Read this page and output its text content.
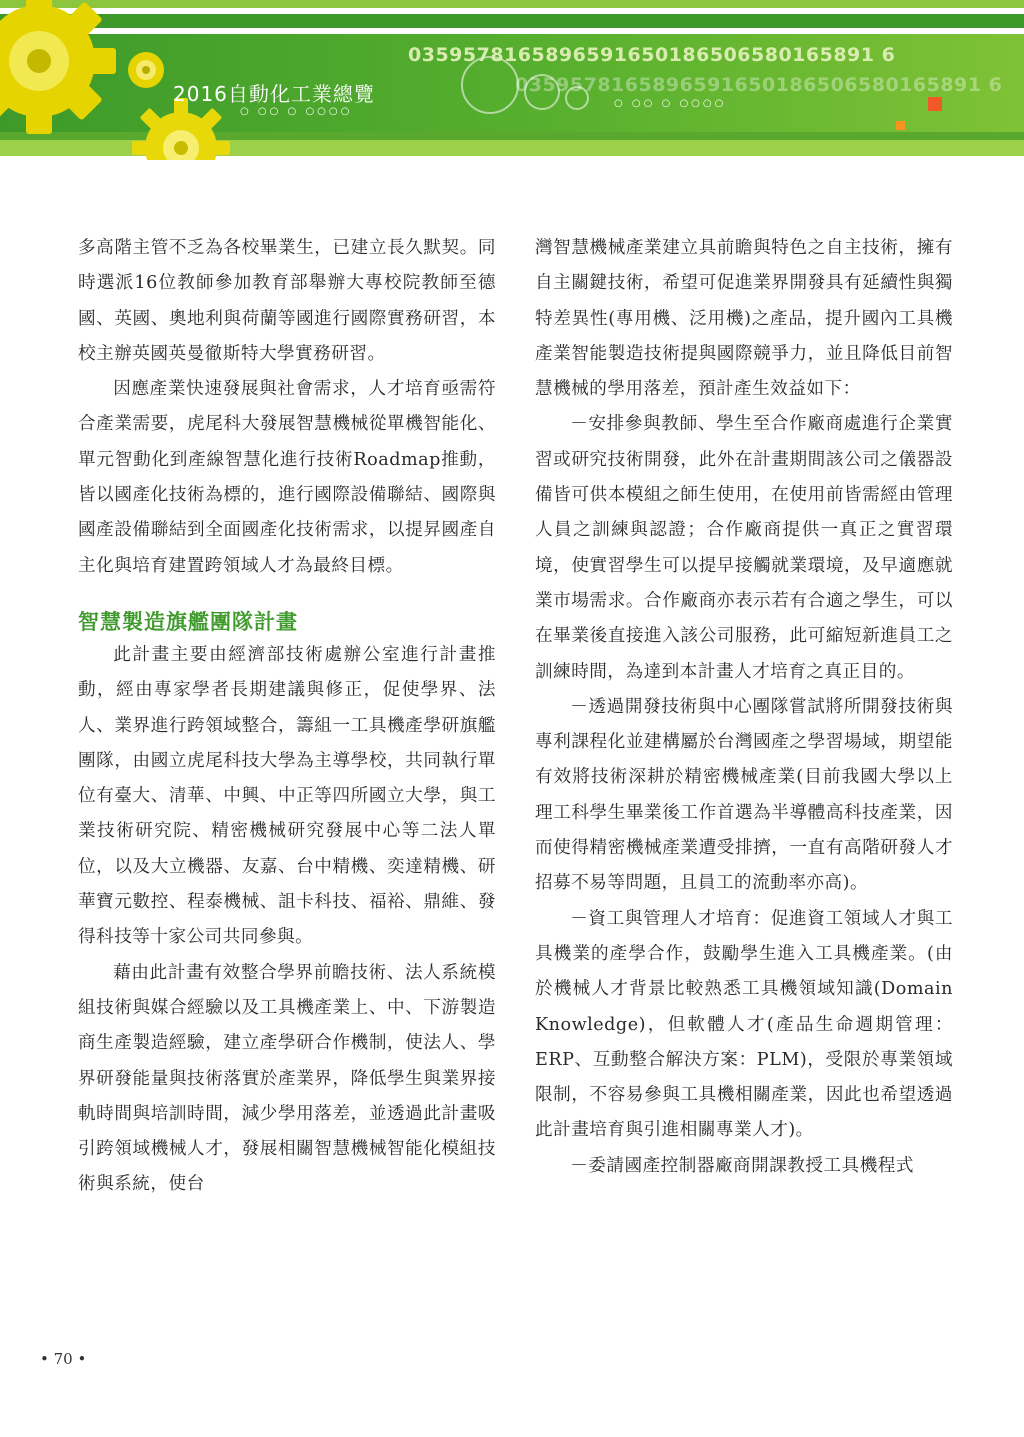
0359578165896591650186506580165891 6

0359578165896591650186506580165891 6

2016自動化工業總覽

○ ○○ ○ ○○○○

○ ○○ ○ ○○○○

多高階主管不乏為各校畢業生，已建立長久默契。同時選派16位教師參加教育部舉辦大專校院教師至德國、英國、奧地利與荷蘭等國進行國際實務研習，本校主辦英國英曼徹斯特大學實務研習。

因應產業快速發展與社會需求，人才培育亟需符合產業需要，虎尾科大發展智慧機械從單機智能化、單元智動化到產線智慧化進行技術Roadmap推動，皆以國產化技術為標的，進行國際設備聯結、國際與國產設備聯結到全面國產化技術需求，以提昇國產自主化與培育建置跨領域人才為最終目標。

智慧製造旗艦團隊計畫

此計畫主要由經濟部技術處辦公室進行計畫推動，經由專家學者長期建議與修正，促使學界、法人、業界進行跨領域整合，籌組一工具機產學研旗艦團隊，由國立虎尾科技大學為主導學校，共同執行單位有臺大、清華、中興、中正等四所國立大學，與工業技術研究院、精密機械研究發展中心等二法人單位，以及大立機器、友嘉、台中精機、奕達精機、研華寶元數控、程泰機械、詛卡科技、福裕、鼎維、發得科技等十家公司共同參與。

藉由此計畫有效整合學界前瞻技術、法人系統模組技術與媒合經驗以及工具機產業上、中、下游製造商生產製造經驗，建立產學研合作機制，使法人、學界研發能量與技術落實於產業界，降低學生與業界接軌時間與培訓時間，減少學用落差，並透過此計畫吸引跨領域機械人才，發展相關智慧機械智能化模組技術與系統，使台

灣智慧機械產業建立具前瞻與特色之自主技術，擁有自主關鍵技術，希望可促進業界開發具有延續性與獨特差異性(專用機、泛用機)之產品，提升國內工具機產業智能製造技術提與國際競爭力，並且降低目前智慧機械的學用落差，預計產生效益如下：

－安排參與教師、學生至合作廠商處進行企業實習或研究技術開發，此外在計畫期間該公司之儀器設備皆可供本模組之師生使用，在使用前皆需經由管理人員之訓練與認證；合作廠商提供一真正之實習環境，使實習學生可以提早接觸就業環境，及早適應就業市場需求。合作廠商亦表示若有合適之學生，可以在畢業後直接進入該公司服務，此可縮短新進員工之訓練時間，為達到本計畫人才培育之真正目的。

－透過開發技術與中心團隊嘗試將所開發技術與專利課程化並建構屬於台灣國產之學習場域，期望能有效將技術深耕於精密機械產業(目前我國大學以上理工科學生畢業後工作首選為半導體高科技產業，因而使得精密機械產業遭受排擠，一直有高階研發人才招募不易等問題，且員工的流動率亦高)。

－資工與管理人才培育：促進資工領域人才與工具機業的產學合作，鼓勵學生進入工具機產業。(由於機械人才背景比較熟悉工具機領域知識(Domain Knowledge)，但軟體人才(產品生命週期管理：ERP、互動整合解決方案：PLM)，受限於專業領域限制，不容易參與工具機相關產業，因此也希望透過此計畫培育與引進相關專業人才)。

－委請國產控制器廠商開課教授工具機程式

• 70 •
